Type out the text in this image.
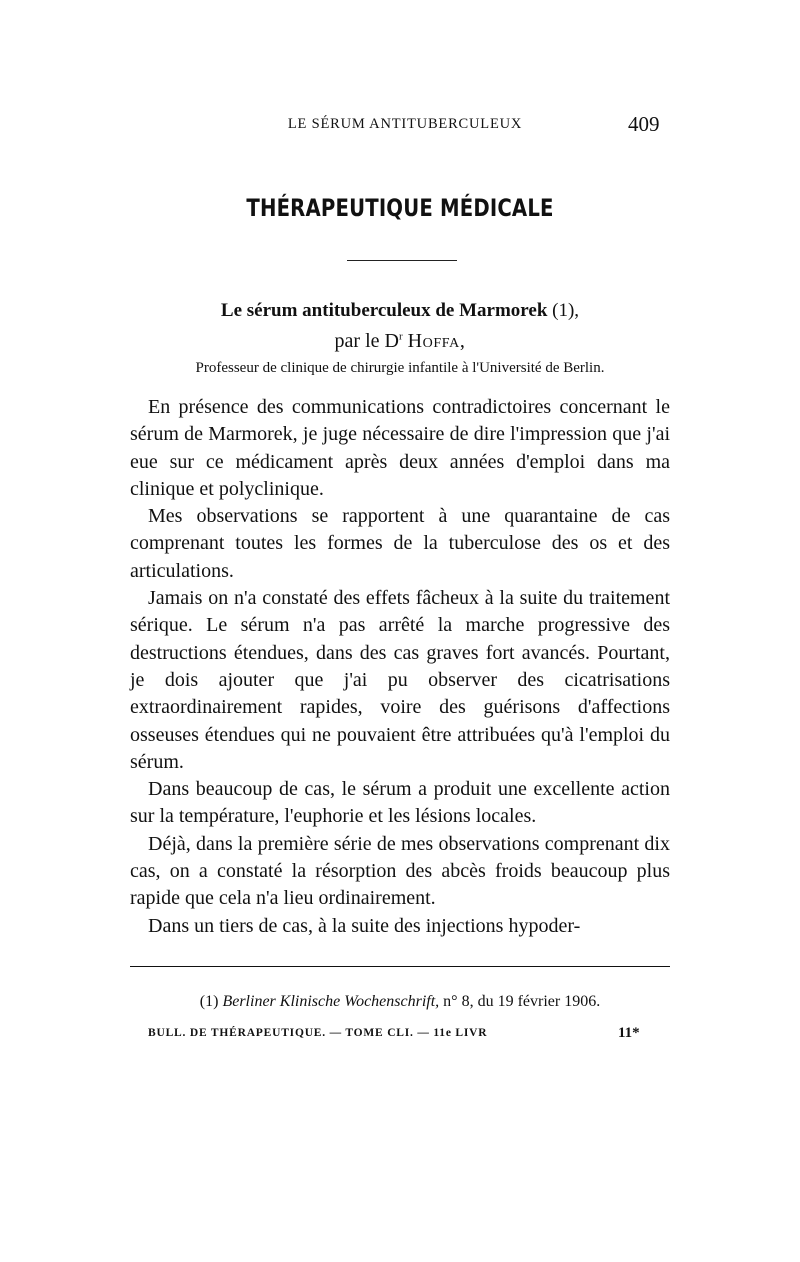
LE SÉRUM ANTITUBERCULEUX	409
THÉRAPEUTIQUE MÉDICALE
Le sérum antituberculeux de Marmorek (1),
par le $D^r$ Hoffa,
Professeur de clinique de chirurgie infantile à l'Université de Berlin.

En présence des communications contradictoires concernant le sérum de Marmorek, je juge nécessaire de dire l'impression que j'ai eue sur ce médicament après deux années d'emploi dans ma clinique et polyclinique.

Mes observations se rapportent à une quarantaine de cas comprenant toutes les formes de la tuberculose des os et des articulations.

Jamais on n'a constaté des effets fâcheux à la suite du traitement sérique. Le sérum n'a pas arrêté la marche progressive des destructions étendues, dans des cas graves fort avancés. Pourtant, je dois ajouter que j'ai pu observer des cicatrisations extraordinairement rapides, voire des guérisons d'affections osseuses étendues qui ne pouvaient être attribuées qu'à l'emploi du sérum.

Dans beaucoup de cas, le sérum a produit une excellente action sur la température, l'euphorie et les lésions locales.

Déjà, dans la première série de mes observations comprenant dix cas, on a constaté la résorption des abcès froids beaucoup plus rapide que cela n'a lieu ordinairement.

Dans un tiers de cas, à la suite des injections hypoder-

(1) Berliner Klinische Wochenschrift, n° 8, du 19 février 1906.
BULL. DE THÉRAPEUTIQUE. — TOME CLI. — 11e LIVR	11*
